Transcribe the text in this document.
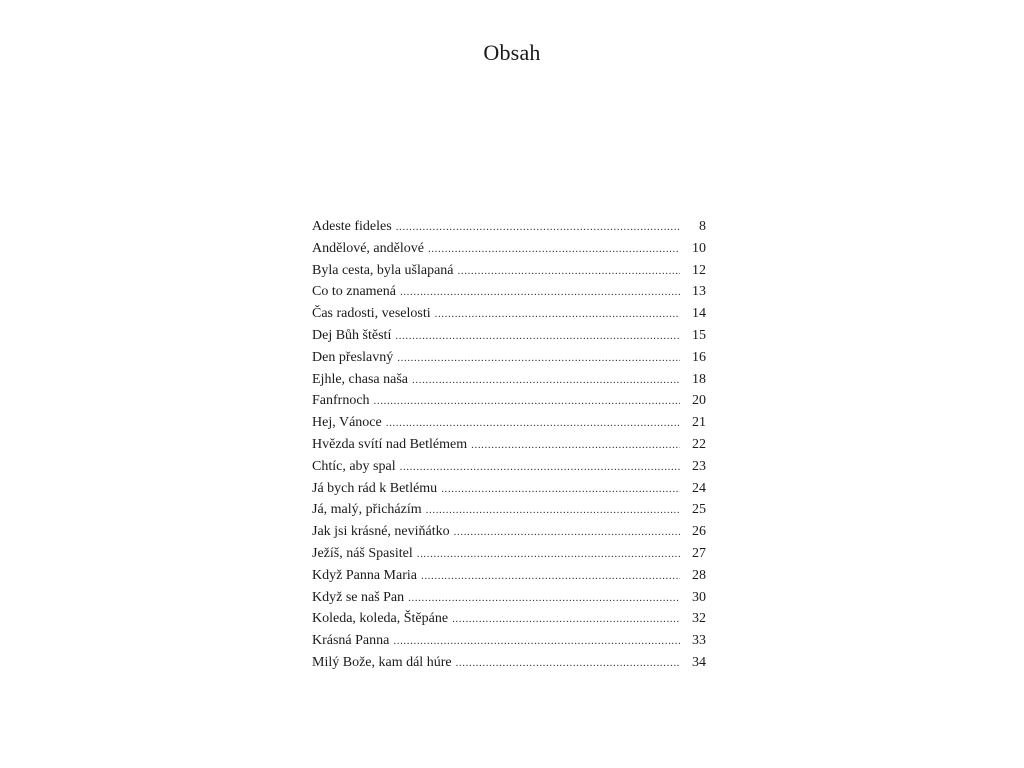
Obsah
Adeste fideles .....	8
Andělové, andělové .....	10
Byla cesta, byla ušlapaná .....	12
Co to znamená .....	13
Čas radosti, veselosti .....	14
Dej Bůh štěstí .....	15
Den přeslavný .....	16
Ejhle, chasa naša .....	18
Fanfrnoch .....	20
Hej, Vánoce .....	21
Hvězda svítí nad Betlémem .....	22
Chtíc, aby spal .....	23
Já bych rád k Betlému .....	24
Já, malý, přicházím .....	25
Jak jsi krásné, neviňátko .....	26
Ježíš, náš Spasitel .....	27
Když Panna Maria .....	28
Když se naš Pan .....	30
Koleda, koleda, Štěpáne .....	32
Krásná Panna .....	33
Milý Bože, kam dál húre .....	34
